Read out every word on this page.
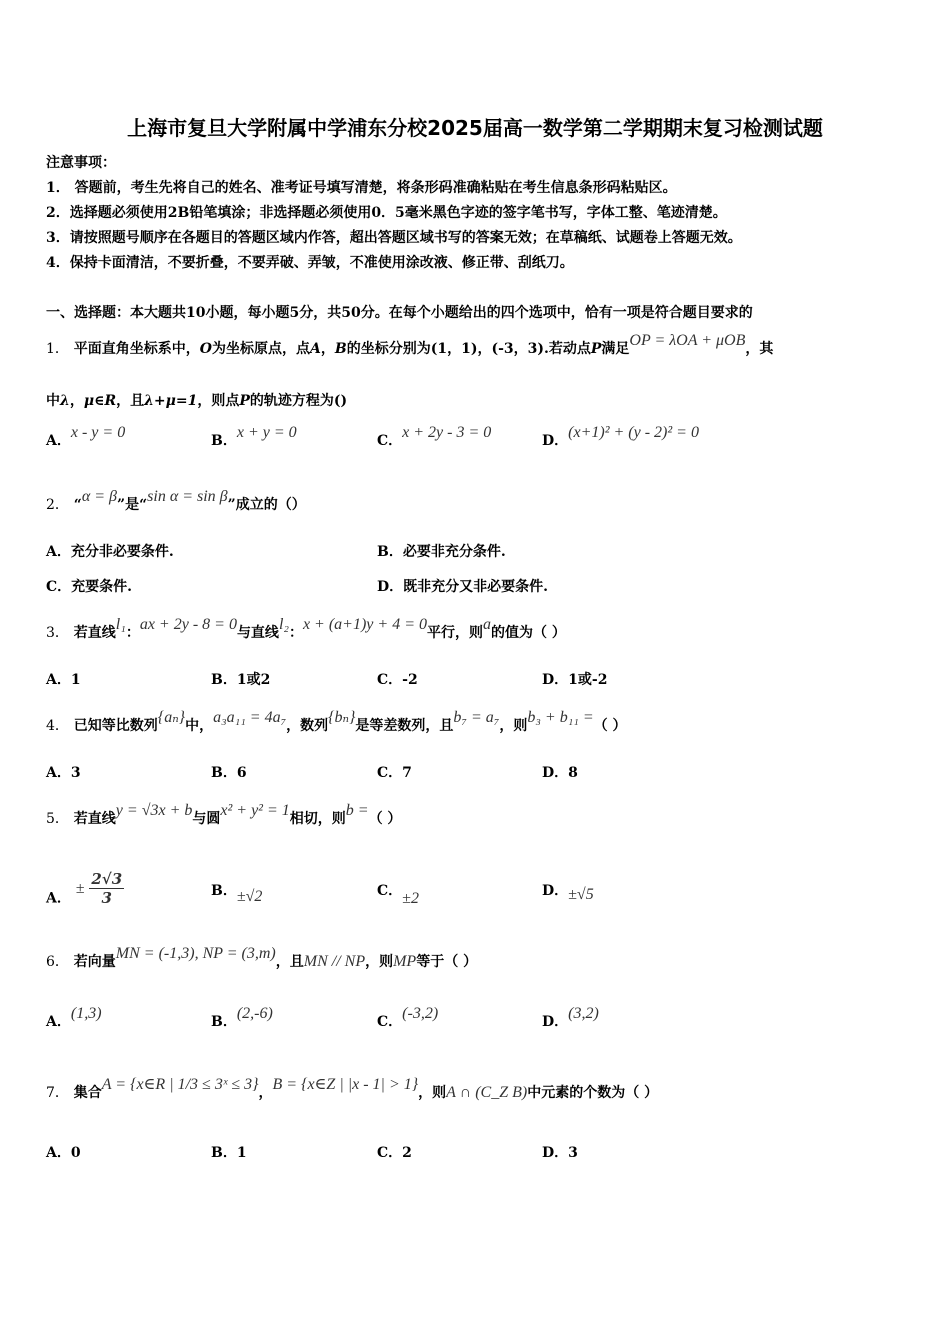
上海市复旦大学附属中学浦东分校2025届高一数学第二学期期末复习检测试题
注意事项：
1． 答题前，考生先将自己的姓名、准考证号填写清楚，将条形码准确粘贴在考生信息条形码粘贴区。
2．选择题必须使用2B铅笔填涂；非选择题必须使用0．5毫米黑色字迹的签字笔书写，字体工整、笔迹清楚。
3．请按照题号顺序在各题目的答题区域内作答，超出答题区域书写的答案无效；在草稿纸、试题卷上答题无效。
4．保持卡面清洁，不要折叠，不要弄破、弄皱，不准使用涂改液、修正带、刮纸刀。
一、选择题：本大题共10小题，每小题5分，共50分。在每个小题给出的四个选项中，恰有一项是符合题目要求的
1． 平面直角坐标系中，O为坐标原点，点A，B的坐标分别为(1，1)，(-3，3).若动点P满足OP = λOA + μOB，其
中λ，μ∈R，且λ+μ=1，则点P的轨迹方程为()
A．x - y = 0	B．x + y = 0	C．x + 2y - 3 = 0	D．(x+1)² + (y - 2)² = 0
2． “α = β”是“sin α = sin β”成立的（）
A．充分非必要条件.	B．必要非充分条件.
C．充要条件.	D．既非充分又非必要条件.
3． 若直线l₁：ax + 2y - 8 = 0与直线l₂：x + (a+1)y + 4 = 0平行，则a的值为（ ）
A．1	B．1或2	C．-2	D．1或-2
4． 已知等比数列{aₙ}中，a₃a₁₁ = 4a₇，数列{bₙ}是等差数列，且b₇ = a₇，则b₃ + b₁₁ =（ ）
A．3	B．6	C．7	D．8
5． 若直线y = √3x + b与圆x² + y² = 1相切，则b =（ ）
A． ± $\frac{2√3}{3}$	B．±√2	C．±2	D．±√5
6． 若向量MN = (-1,3), NP = (3,m)，且MN // NP，则MP等于（ ）
A．(1,3)	B．(2,-6)	C．(-3,2)	D．(3,2)
7． 集合A = {x∈R | 1/3 ≤ 3ˣ ≤ 3}，B = {x∈Z | |x - 1| > 1}，则A ∩ (C_Z B)中元素的个数为（ ）
A．0	B．1	C．2	D．3
